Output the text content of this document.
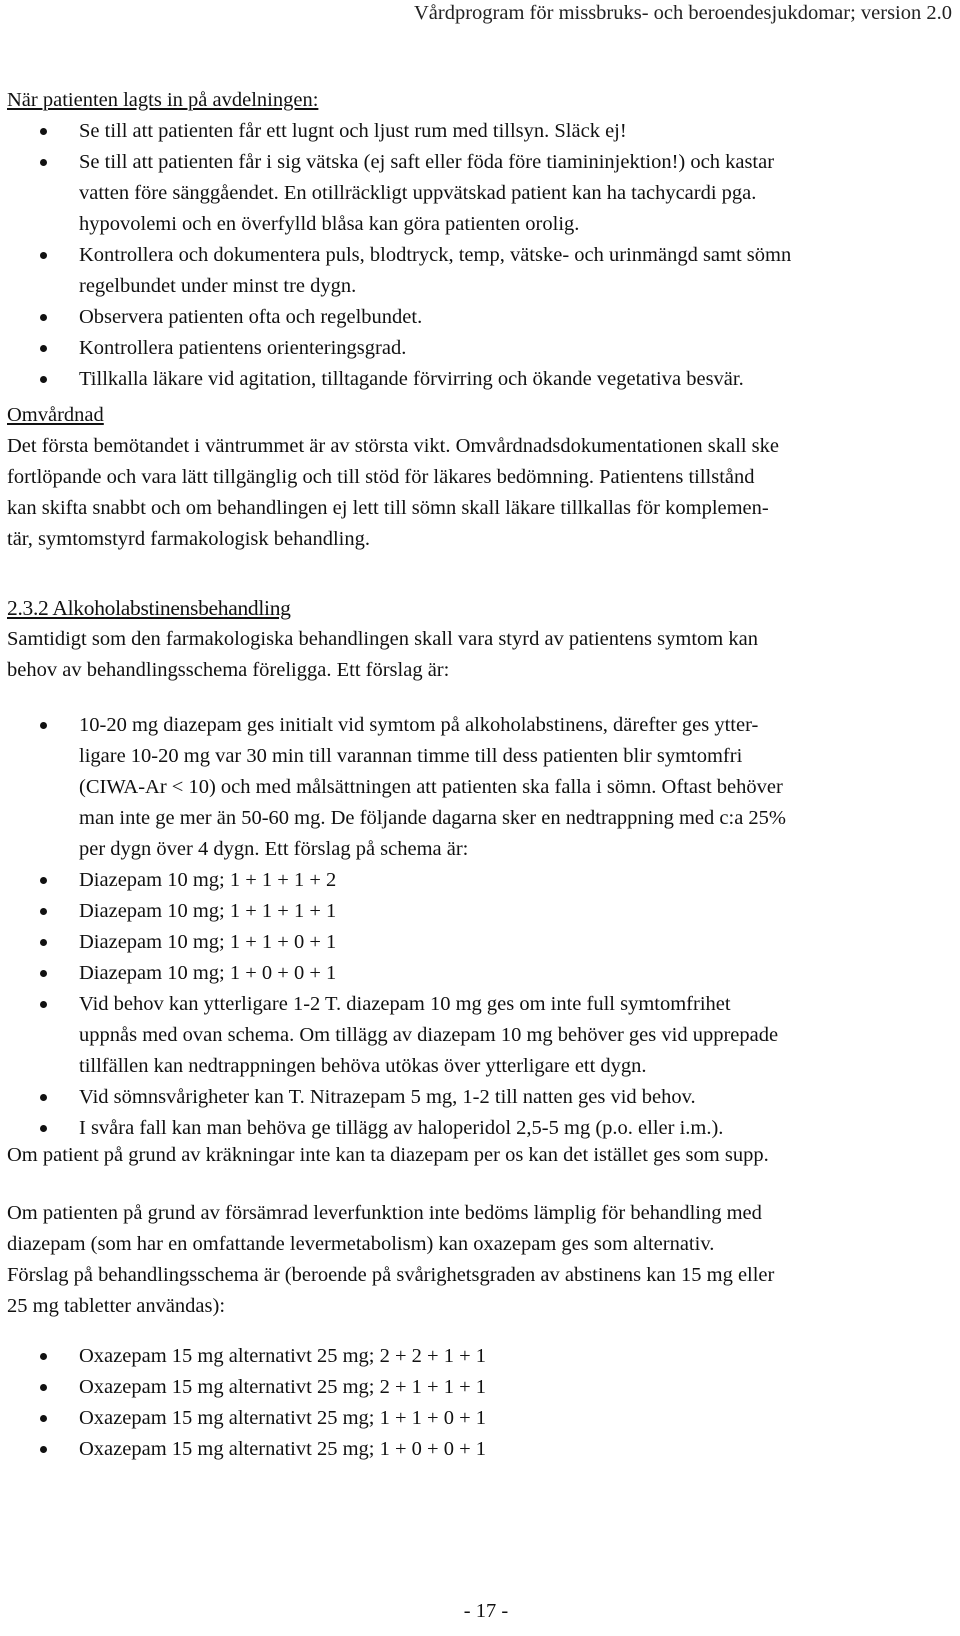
Vårdprogram för missbruks- och beroendesjukdomar; version 2.0

När patienten lagts in på avdelningen:

Se till att patienten får ett lugnt och ljust rum med tillsyn. Släck ej!
Se till att patienten får i sig vätska (ej saft eller föda före tiamininjektion!) och kastar
vatten före sänggåendet. En otillräckligt uppvätskad patient kan ha tachycardi pga.
hypovolemi och en överfylld blåsa kan göra patienten orolig.
Kontrollera och dokumentera puls, blodtryck, temp, vätske- och urinmängd samt sömn
regelbundet under minst tre dygn.
Observera patienten ofta och regelbundet.
Kontrollera patientens orienteringsgrad.
Tillkalla läkare vid agitation, tilltagande förvirring och ökande vegetativa besvär.

Omvårdnad

Det första bemötandet i väntrummet är av största vikt. Omvårdnadsdokumentationen skall ske
fortlöpande och vara lätt tillgänglig och till stöd för läkares bedömning. Patientens tillstånd
kan skifta snabbt och om behandlingen ej lett till sömn skall läkare tillkallas för komplemen-
tär, symtomstyrd farmakologisk behandling.

2.3.2 Alkoholabstinensbehandling

Samtidigt som den farmakologiska behandlingen skall vara styrd av patientens symtom kan
behov av behandlingsschema föreligga. Ett förslag är:
10-20 mg diazepam ges initialt vid symtom på alkoholabstinens, därefter ges ytter-
ligare 10-20 mg var 30 min till varannan timme till dess patienten blir symtomfri
(CIWA-Ar < 10) och med målsättningen att patienten ska falla i sömn. Oftast behöver
man inte ge mer än 50-60 mg. De följande dagarna sker en nedtrappning med c:a 25%
per dygn över 4 dygn. Ett förslag på schema är:
Diazepam 10 mg; 1 + 1 + 1 + 2
Diazepam 10 mg; 1 + 1 + 1 + 1
Diazepam 10 mg; 1 + 1 + 0 + 1
Diazepam 10 mg; 1 + 0 + 0 + 1
Vid behov kan ytterligare 1-2 T. diazepam 10 mg ges om inte full symtomfrihet
uppnås med ovan schema. Om tillägg av diazepam 10 mg behöver ges vid upprepade
tillfällen kan nedtrappningen behöva utökas över ytterligare ett dygn.
Vid sömnsvårigheter kan T. Nitrazepam 5 mg, 1-2 till natten ges vid behov.
I svåra fall kan man behöva ge tillägg av haloperidol 2,5-5 mg (p.o. eller i.m.).
Om patient på grund av kräkningar inte kan ta diazepam per os kan det istället ges som supp.
Om patienten på grund av försämrad leverfunktion inte bedöms lämplig för behandling med
diazepam (som har en omfattande levermetabolism) kan oxazepam ges som alternativ.
Förslag på behandlingsschema är (beroende på svårighetsgraden av abstinens kan 15 mg eller
25 mg tabletter användas):
Oxazepam 15 mg alternativt 25 mg; 2 + 2 + 1 + 1
Oxazepam 15 mg alternativt 25 mg; 2 + 1 + 1 + 1
Oxazepam 15 mg alternativt 25 mg; 1 + 1 + 0 + 1
Oxazepam 15 mg alternativt 25 mg; 1 + 0 + 0 + 1
- 17 -
